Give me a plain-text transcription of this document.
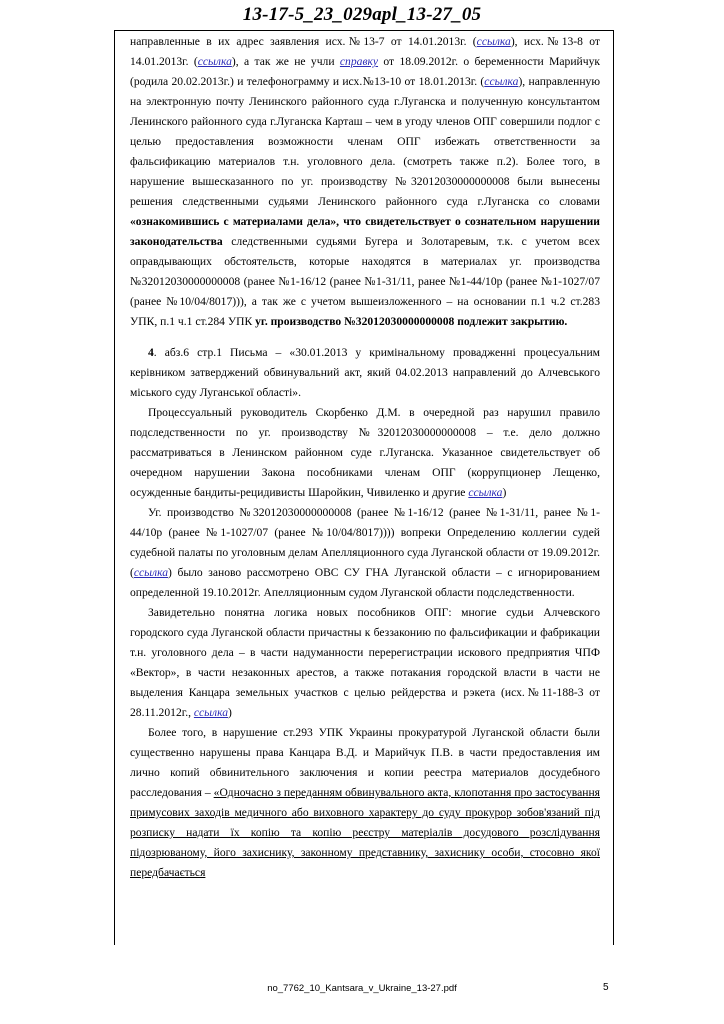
13-17-5_23_029apl_13-27_05

направленные в их адрес заявления исх.№13-7 от 14.01.2013г. (ссылка), исх.№13-8 от 14.01.2013г. (ссылка), а так же не учли справку от 18.09.2012г. о беременности Марийчук (родила 20.02.2013г.) и телефонограмму и исх.№13-10 от 18.01.2013г. (ссылка), направленную на электронную почту Ленинского районного суда г.Луганска и полученную консультантом Ленинского районного суда г.Луганска Карташ – чем в угоду членов ОПГ совершили подлог с целью предоставления возможности членам ОПГ избежать ответственности за фальсификацию материалов т.н. уголовного дела. (смотреть также п.2). Более того, в нарушение вышесказанного по уг. производству №32012030000000008 были вынесены решения следственными судьями Ленинского районного суда г.Луганска со словами «ознакомившись с материалами дела», что свидетельствует о сознательном нарушении законодательства следственными судьями Бугера и Золотаревым, т.к. с учетом всех оправдывающих обстоятельств, которые находятся в материалах уг. производства №32012030000000008 (ранее №1-16/12 (ранее №1-31/11, ранее №1-44/10р (ранее №1-1027/07 (ранее №10/04/8017))), а так же с учетом вышеизложенного – на основании п.1 ч.2 ст.283 УПК, п.1 ч.1 ст.284 УПК уг. производство №32012030000000008 подлежит закрытию.

4. абз.6 стр.1 Письма – «30.01.2013 у кримінальному провадженні процесуальним керівником затверджений обвинувальний акт, який 04.02.2013 направлений до Алчевського міського суду Луганської області».

Процессуальный руководитель Скорбенко Д.М. в очередной раз нарушил правило подследственности по уг. производству №32012030000000008 – т.е. дело должно рассматриваться в Ленинском районном суде г.Луганска. Указанное свидетельствует об очередном нарушении Закона пособниками членам ОПГ (коррупционер Лещенко, осужденные бандиты-рецидивисты Шаройкин, Чивиленко и другие ссылка)

Уг. производство №32012030000000008 (ранее №1-16/12 (ранее №1-31/11, ранее №1-44/10р (ранее №1-1027/07 (ранее №10/04/8017)))) вопреки Определению коллегии судей судебной палаты по уголовным делам Апелляционного суда Луганской области от 19.09.2012г. (ссылка) было заново рассмотрено ОВС СУ ГНА Луганской области – с игнорированием определенной 19.10.2012г. Апелляционным судом Луганской области подследственности.

Завидетельно понятна логика новых пособников ОПГ: многие судьи Алчевского городского суда Луганской области причастны к беззаконию по фальсификации и фабрикации т.н. уголовного дела – в части надуманности перерегистрации искового предприятия ЧПФ «Вектор», в части незаконных арестов, а также потакания городской власти в части не выделения Канцара земельных участков с целью рейдерства и рэкета (исх.№11-188-3 от 28.11.2012г., ссылка)

Более того, в нарушение ст.293 УПК Украины прокуратурой Луганской области были существенно нарушены права Канцара В.Д. и Марийчук П.В. в части предоставления им лично копий обвинительного заключения и копии реестра материалов досудебного расследования – «Одночасно з переданням обвинувального акта, клопотання про застосування примусових заходів медичного або виховного характеру до суду прокурор зобов'язаний під розписку надати їх копію та копію реєстру матеріалів досудового розслідування підозрюваному, його захиснику, законному представнику, захиснику особи, стосовно якої передбачається

no_7762_10_Kantsara_v_Ukraine_13-27.pdf	5
